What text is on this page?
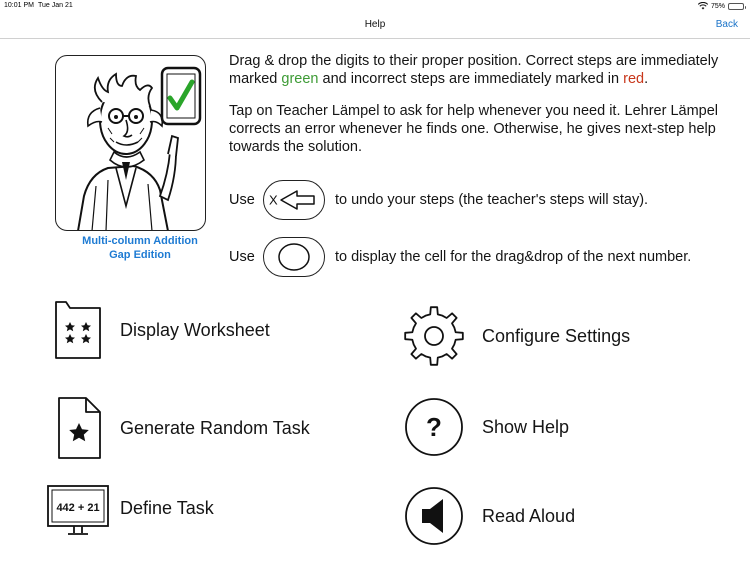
10:01 PM Tue Jan 21	75%
Help	Back
Multi-column Addition
Gap Edition

Drag & drop the digits to their proper position. Correct steps are immediately marked green and incorrect steps are immediately marked in red.

Tap on Teacher Lämpel to ask for help whenever you need it. Lehrer Lämpel corrects an error whenever he finds one. Otherwise, he gives next-step help towards the solution.

Use	X	to undo your steps (the teacher's steps will stay).
Use	to display the cell for the drag&drop of the next number.
Display Worksheet	Configure Settings
Generate Random Task	? Show Help
442 + 21 Define Task	Read Aloud
